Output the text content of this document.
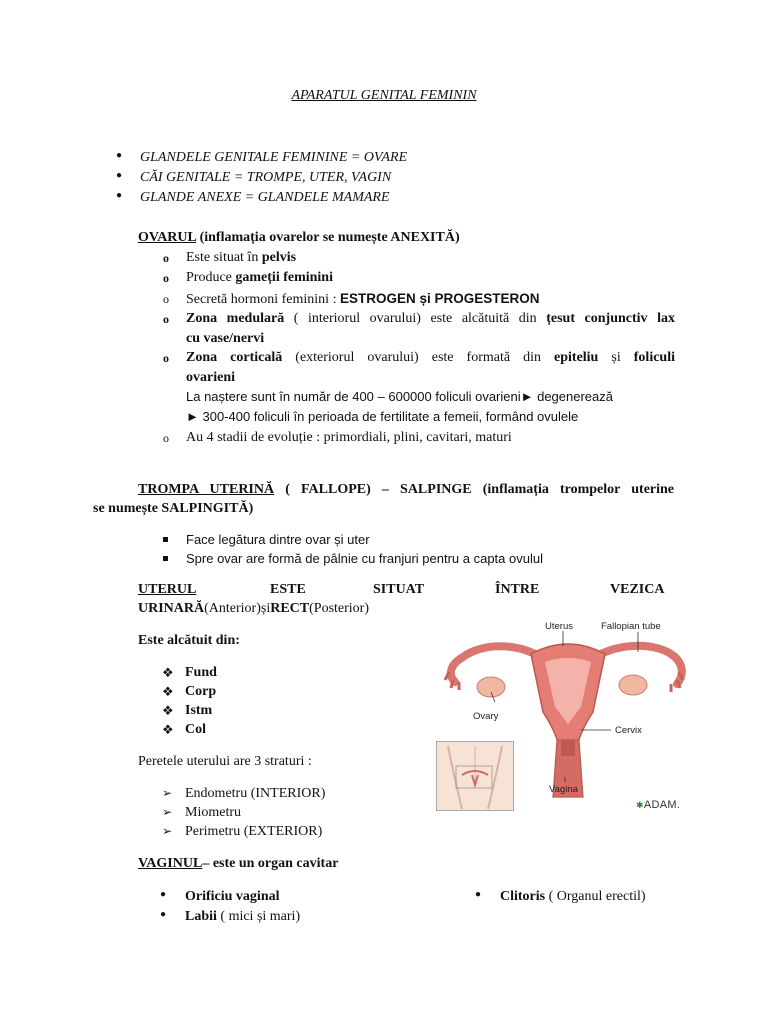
APARATUL GENITAL FEMININ
● GLANDELE GENITALE FEMININE = OVARE
● CĂI GENITALE = TROMPE, UTER, VAGIN
● GLANDE ANEXE = GLANDELE MAMARE
OVARUL (inflamația ovarelor se numește ANEXITĂ)
o Este situat în pelvis
o Produce gameții feminini
o Secretă hormoni feminini : ESTROGEN și PROGESTERON
o Zona medulară ( interiorul ovarului) este alcătuită din țesut conjunctiv lax
cu vase/nervi
o Zona corticală (exteriorul ovarului) este formată din epiteliu și foliculi
ovarieni
La naștere sunt în număr de 400 – 600000 foliculi ovarieni► degenerează
► 300-400 foliculi în perioada de fertilitate a femeii, formând ovulele
o Au 4 stadii de evoluție : primordiali, plini, cavitari, maturi
TROMPA UTERINĂ ( FALLOPE) – SALPINGE (inflamația trompelor uterine
se numește SALPINGITĂ)
Face legătura dintre ovar și uter
Spre ovar are formă de pâlnie cu franjuri pentru a capta ovulul
UTERUL	ESTE	SITUAT	ÎNTRE	VEZICA
URINARĂ(Anterior)șiRECT(Posterior)
Este alcătuit din:
❖ Fund
❖ Corp
❖ Istm
❖ Col
Peretele uterului are 3 straturi :
➢ Endometru (INTERIOR)
➢ Miometru
➢ Perimetru (EXTERIOR)
VAGINUL– este un organ cavitar
● Orificiu vaginal
● Labii ( mici și mari)
● Clitoris ( Organul erectil)
Uterus	Fallopian tube
Ovary
Cervix
Vagina
✱ADAM.
